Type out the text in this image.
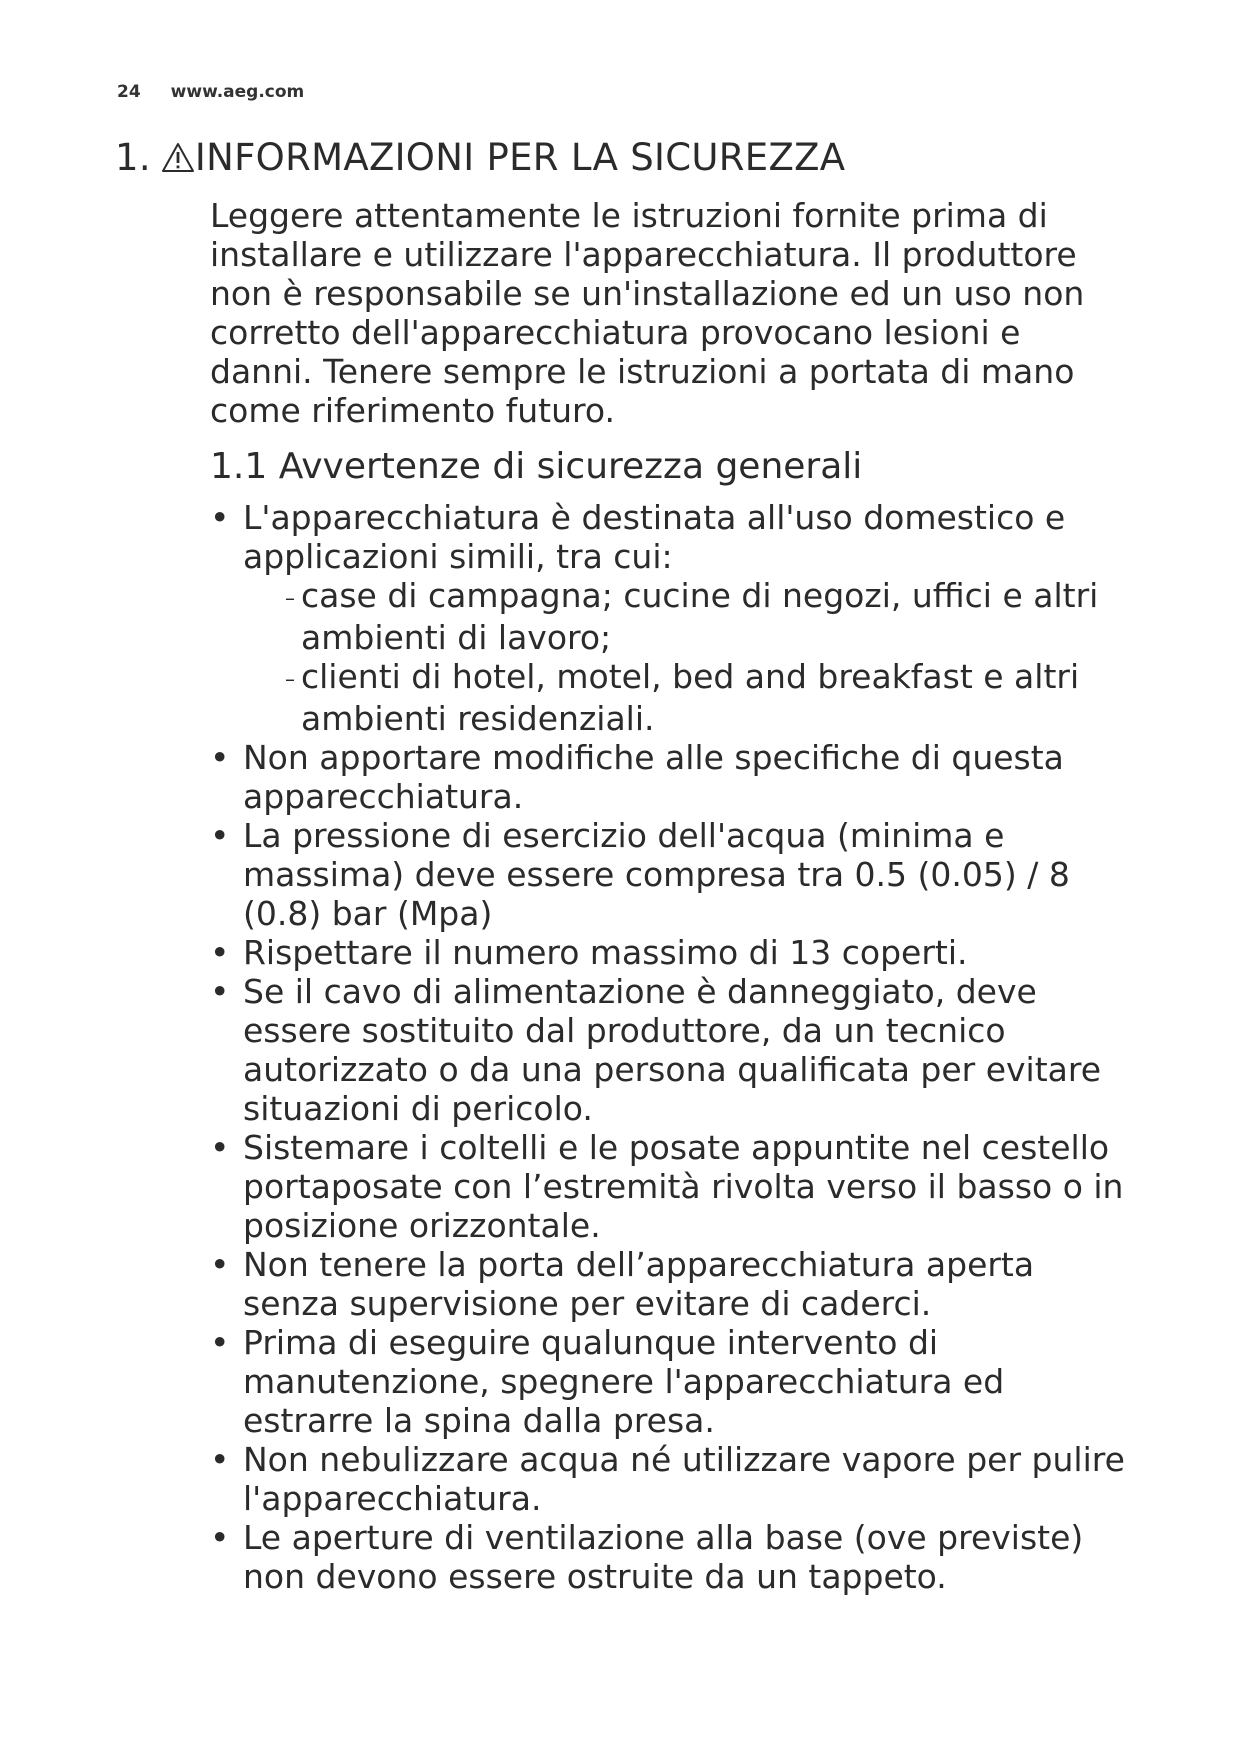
24 www.aeg.com
1. INFORMAZIONI PER LA SICUREZZA

Leggere attentamente le istruzioni fornite prima di installare e utilizzare l'apparecchiatura. Il produttore non è responsabile se un'installazione ed un uso non corretto dell'apparecchiatura provocano lesioni e danni. Tenere sempre le istruzioni a portata di mano come riferimento futuro.

1.1 Avvertenze di sicurezza generali
• L'apparecchiatura è destinata all'uso domestico e applicazioni simili, tra cui:
– case di campagna; cucine di negozi, uffici e altri ambienti di lavoro;
– clienti di hotel, motel, bed and breakfast e altri ambienti residenziali.
• Non apportare modifiche alle specifiche di questa apparecchiatura.
• La pressione di esercizio dell'acqua (minima e massima) deve essere compresa tra 0.5 (0.05) / 8 (0.8) bar (Mpa)
• Rispettare il numero massimo di 13 coperti.
• Se il cavo di alimentazione è danneggiato, deve essere sostituito dal produttore, da un tecnico autorizzato o da una persona qualificata per evitare situazioni di pericolo.
• Sistemare i coltelli e le posate appuntite nel cestello portaposate con l’estremità rivolta verso il basso o in posizione orizzontale.
• Non tenere la porta dell’apparecchiatura aperta senza supervisione per evitare di caderci.
• Prima di eseguire qualunque intervento di manutenzione, spegnere l'apparecchiatura ed estrarre la spina dalla presa.
• Non nebulizzare acqua né utilizzare vapore per pulire l'apparecchiatura.
• Le aperture di ventilazione alla base (ove previste) non devono essere ostruite da un tappeto.
